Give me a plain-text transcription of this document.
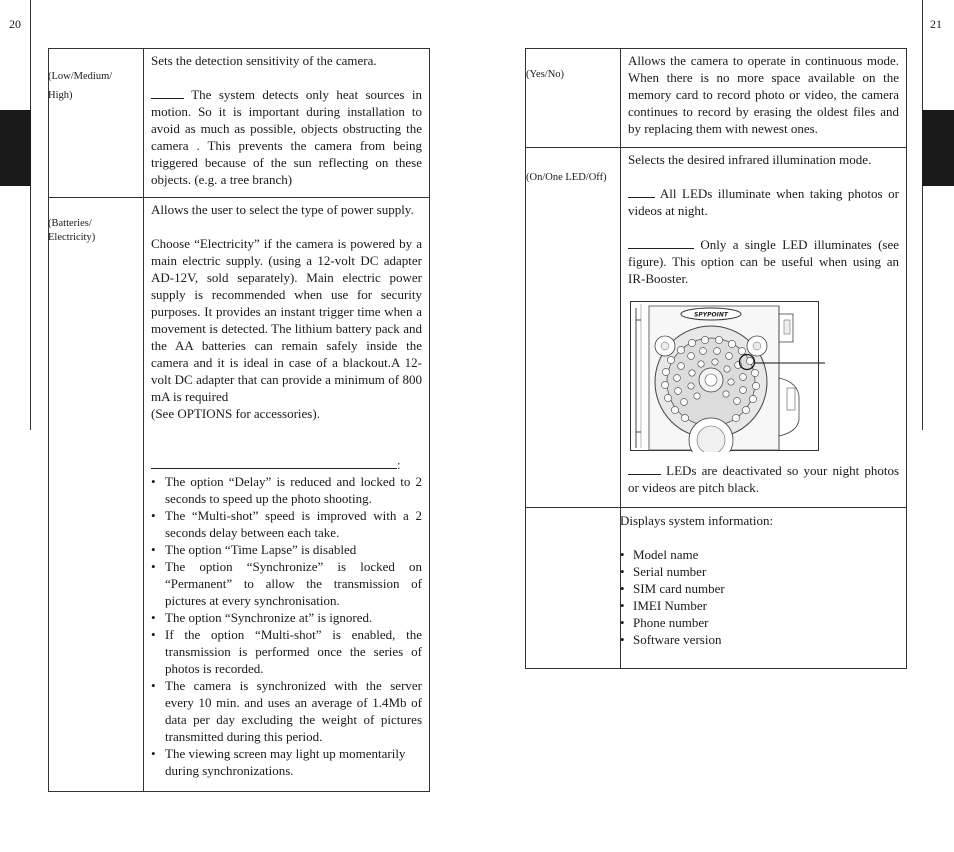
20	21
(Low/Medium/ High)

Sets the detection sensitivity of the camera.

The system detects only heat sources in motion. So it is important during installation to avoid as much as possible, objects obstructing the camera . This prevents the camera from being triggered because of the sun reflecting on these objects. (e.g. a tree branch)

(Batteries/ Electricity)

Allows the user to select the type of power supply.

Choose “Electricity” if the camera is powered by a main electric supply. (using a 12-volt DC adapter AD-12V, sold separately). Main electric power supply is recommended when use for security purposes. It provides an instant trigger time when a movement is detected. The lithium battery pack and the AA batteries can remain safely inside the camera and it is ideal in case of a blackout.A 12-volt DC adapter that can provide a minimum of 800 mA is required

(See OPTIONS for accessories).

:

• The option “Delay” is reduced and locked to 2 seconds to speed up the photo shooting.
• The “Multi-shot” speed is improved with a 2 seconds delay between each take.
• The option “Time Lapse” is disabled
• The option “Synchronize” is locked on “Permanent” to allow the transmission of pictures at every synchronisation.
• The option “Synchronize at” is ignored.
• If the option “Multi-shot” is enabled, the transmission is performed once the series of photos is recorded.
• The camera is synchronized with the server every 10 min. and uses an average of 1.4Mb of data per day excluding the weight of pictures transmitted during this period.
• The viewing screen may light up momentarily during synchronizations.
(Yes/No)

Allows the camera to operate in continuous mode. When there is no more space available on the memory card to record photo or video, the camera continues to record by erasing the oldest files and by replacing them with newest ones.

(On/One LED/Off)

Selects the desired infrared illumination mode.

All LEDs illuminate when taking photos or videos at night.

Only a single LED illuminates (see figure). This option can be useful when using an IR-Booster.

SPYPOINT

LEDs are deactivated so your night photos or videos are pitch black.

Displays system information:

• Model name
• Serial number
• SIM card number
• IMEI Number
• Phone number
• Software version
